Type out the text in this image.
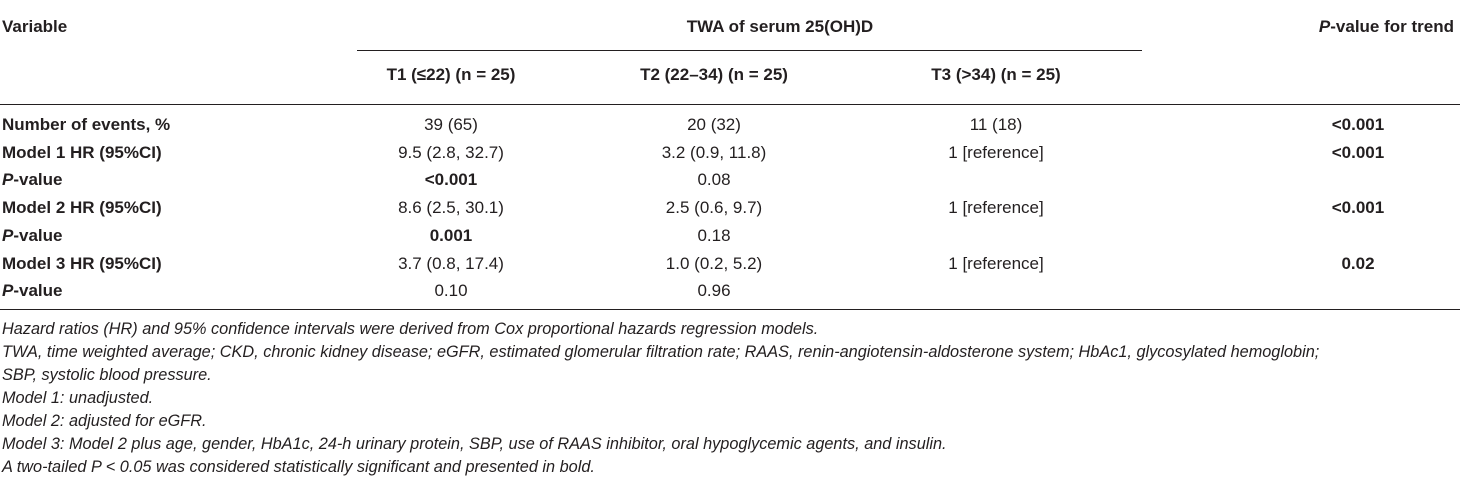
Variable	TWA of serum 25(OH)D	P-value for trend
T1 (≤22) (n = 25)	T2 (22–34) (n = 25)	T3 (>34) (n = 25)
Number of events, %	39 (65)	20 (32)	11 (18)	<0.001
Model 1 HR (95%CI)	9.5 (2.8, 32.7)	3.2 (0.9, 11.8)	1 [reference]	<0.001
P-value	<0.001	0.08
Model 2 HR (95%CI)	8.6 (2.5, 30.1)	2.5 (0.6, 9.7)	1 [reference]	<0.001
P-value	0.001	0.18
Model 3 HR (95%CI)	3.7 (0.8, 17.4)	1.0 (0.2, 5.2)	1 [reference]	0.02
P-value	0.10	0.96
Hazard ratios (HR) and 95% confidence intervals were derived from Cox proportional hazards regression models.
TWA, time weighted average; CKD, chronic kidney disease; eGFR, estimated glomerular filtration rate; RAAS, renin-angiotensin-aldosterone system; HbAc1, glycosylated hemoglobin;
SBP, systolic blood pressure.
Model 1: unadjusted.
Model 2: adjusted for eGFR.
Model 3: Model 2 plus age, gender, HbA1c, 24-h urinary protein, SBP, use of RAAS inhibitor, oral hypoglycemic agents, and insulin.
A two-tailed P < 0.05 was considered statistically significant and presented in bold.
